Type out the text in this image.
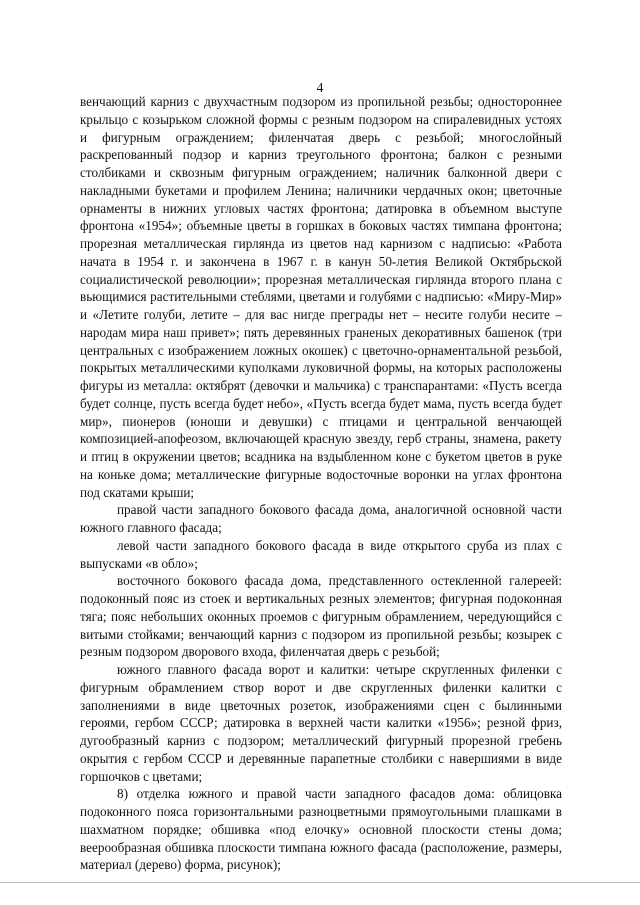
4

венчающий карниз с двухчастным подзором из пропильной резьбы; одностороннее крыльцо с козырьком сложной формы с резным подзором на спиралевидных устоях и фигурным ограждением; филенчатая дверь с резьбой; многослойный раскрепованный подзор и карниз треугольного фронтона; балкон с резными столбиками и сквозным фигурным ограждением; наличник балконной двери с накладными букетами и профилем Ленина; наличники чердачных окон; цветочные орнаменты в нижних угловых частях фронтона; датировка в объемном выступе фронтона «1954»; объемные цветы в горшках в боковых частях тимпана фронтона; прорезная металлическая гирлянда из цветов над карнизом с надписью: «Работа начата в 1954 г. и закончена в 1967 г. в канун 50-летия Великой Октябрьской социалистической революции»; прорезная металлическая гирлянда второго плана с вьющимися растительными стеблями, цветами и голубями с надписью: «Миру-Мир» и «Летите голуби, летите – для вас нигде преграды нет – несите голуби несите – народам мира наш привет»; пять деревянных граненых декоративных башенок (три центральных с изображением ложных окошек) с цветочно-орнаментальной резьбой, покрытых металлическими куполками луковичной формы, на которых расположены фигуры из металла: октябрят (девочки и мальчика) с транспарантами: «Пусть всегда будет солнце, пусть всегда будет небо», «Пусть всегда будет мама, пусть всегда будет мир», пионеров (юноши и девушки) с птицами и центральной венчающей композицией-апофеозом, включающей красную звезду, герб страны, знамена, ракету и птиц в окружении цветов; всадника на вздыбленном коне с букетом цветов в руке на коньке дома; металлические фигурные водосточные воронки на углах фронтона под скатами крыши;

правой части западного бокового фасада дома, аналогичной основной части южного главного фасада;

левой части западного бокового фасада в виде открытого сруба из плах с выпусками «в обло»;

восточного бокового фасада дома, представленного остекленной галереей: подоконный пояс из стоек и вертикальных резных элементов; фигурная подоконная тяга; пояс небольших оконных проемов с фигурным обрамлением, чередующийся с витыми стойками; венчающий карниз с подзором из пропильной резьбы; козырек с резным подзором дворового входа, филенчатая дверь с резьбой;

южного главного фасада ворот и калитки: четыре скругленных филенки с фигурным обрамлением створ ворот и две скругленных филенки калитки с заполнениями в виде цветочных розеток, изображениями сцен с былинными героями, гербом СССР; датировка в верхней части калитки «1956»; резной фриз, дугообразный карниз с подзором; металлический фигурный прорезной гребень окрытия с гербом СССР и деревянные парапетные столбики с навершиями в виде горшочков с цветами;

8) отделка южного и правой части западного фасадов дома: облицовка подоконного пояса горизонтальными разноцветными прямоугольными плашками в шахматном порядке; обшивка «под елочку» основной плоскости стены дома; веерообразная обшивка плоскости тимпана южного фасада (расположение, размеры, материал (дерево) форма, рисунок);
